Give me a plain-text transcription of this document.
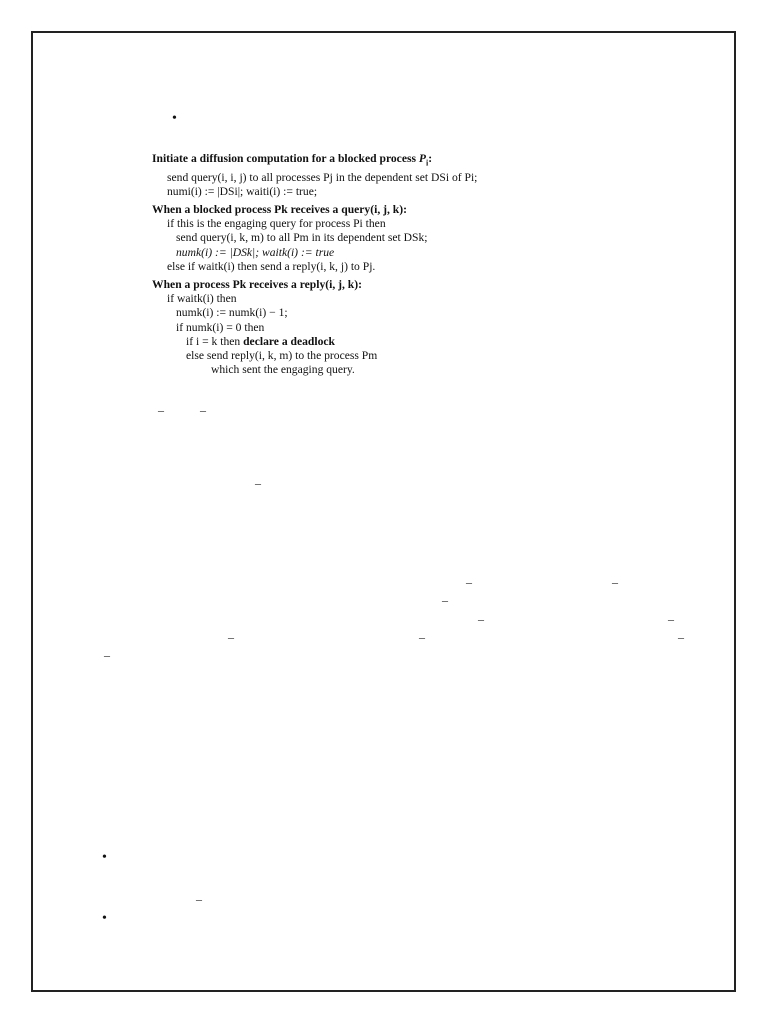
•
Initiate a diffusion computation for a blocked process $P_i$:
send query(i, i, j) to all processes Pj in the dependent set DSi of Pi;
numi(i) := |DSi|; waiti(i) := true;
When a blocked process Pk receives a query(i, j, k):
if this is the engaging query for process Pi then
send query(i, k, m) to all Pm in its dependent set DSk;
numk(i) := |DSk|; waitk(i) := true
else if waitk(i) then send a reply(i, k, j) to Pj.
When a process Pk receives a reply(i, j, k):
if waitk(i) then
numk(i) := numk(i) − 1;
if numk(i) = 0 then
if i = k then declare a deadlock
else send reply(i, k, m) to the process Pm
which sent the engaging query.
–	–
–
–	–
–
–	–
–	–	–
–
•
–
•
